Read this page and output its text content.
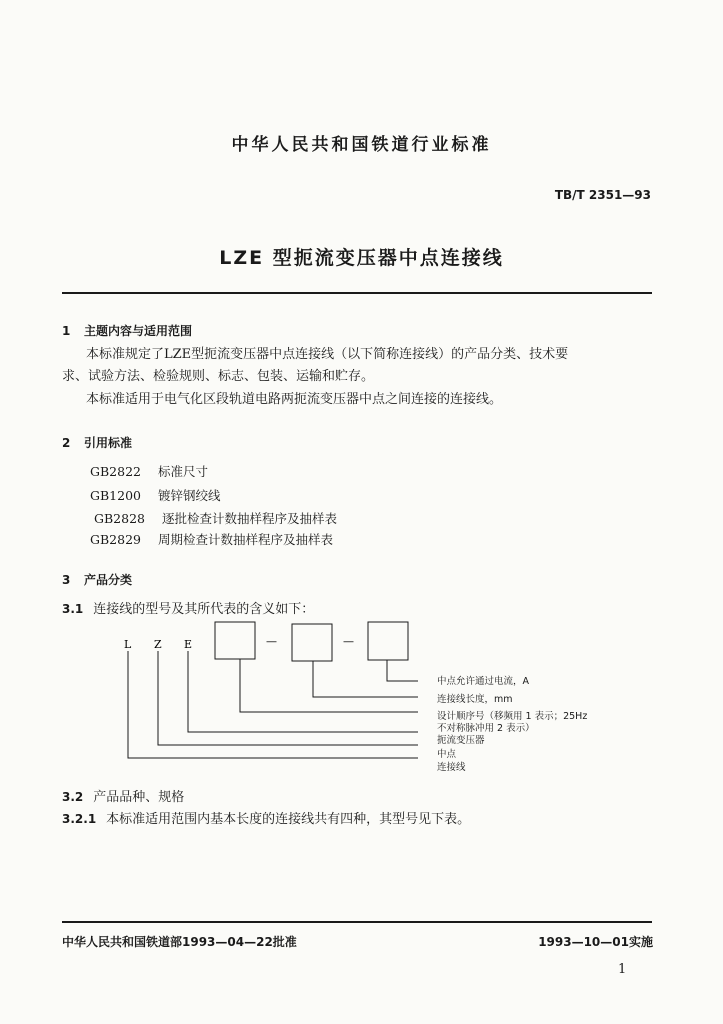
中华人民共和国铁道行业标准
TB/T 2351—93
LZE 型扼流变压器中点连接线
1 主题内容与适用范围
本标准规定了LZE型扼流变压器中点连接线（以下简称连接线）的产品分类、技术要
求、试验方法、检验规则、标志、包装、运输和贮存。
本标准适用于电气化区段轨道电路两扼流变压器中点之间连接的连接线。
2 引用标准
GB2822 标准尺寸
GB1200 镀锌钢绞线
GB2828 逐批检查计数抽样程序及抽样表
GB2829 周期检查计数抽样程序及抽样表
3 产品分类
3.1 连接线的型号及其所代表的含义如下：
L Z E	—	—
中点允许通过电流，A
连接线长度，mm
设计顺序号（移频用 1 表示；25Hz
不对称脉冲用 2 表示）
扼流变压器
中点
连接线
3.2 产品品种、规格
3.2.1 本标准适用范围内基本长度的连接线共有四种，其型号见下表。
中华人民共和国铁道部1993—04—22批准	1993—10—01实施
1
